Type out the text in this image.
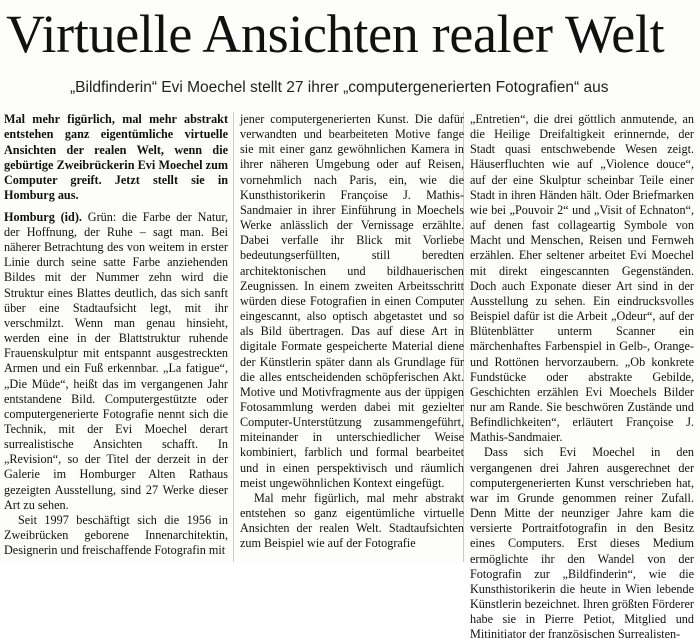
Virtuelle Ansichten realer Welt
„Bildfinderin“ Evi Moechel stellt 27 ihrer „computergenerierten Fotografien“ aus

Mal mehr figürlich, mal mehr abstrakt entstehen ganz eigentümliche virtuelle Ansichten der realen Welt, wenn die gebürtige Zweibrückerin Evi Moechel zum Computer greift. Jetzt stellt sie in Homburg aus.

Homburg (id). Grün: die Farbe der Natur, der Hoffnung, der Ruhe – sagt man. Bei näherer Betrachtung des von weitem in erster Linie durch seine satte Farbe anziehenden Bildes mit der Nummer zehn wird die Struktur eines Blattes deutlich, das sich sanft über eine Stadtaufsicht legt, mit ihr verschmilzt. Wenn man genau hinsieht, werden eine in der Blattstruktur ruhende Frauenskulptur mit entspannt ausgestreckten Armen und ein Fuß erkennbar. „La fatigue“, „Die Müde“, heißt das im vergangenen Jahr entstandene Bild. Computergestützte oder computergenerierte Fotografie nennt sich die Technik, mit der Evi Moechel derart surrealistische Ansichten schafft. In „Revision“, so der Titel der derzeit in der Galerie im Homburger Alten Rathaus gezeigten Ausstellung, sind 27 Werke dieser Art zu sehen.

Seit 1997 beschäftigt sich die 1956 in Zweibrücken geborene Innenarchitektin, Designerin und freischaffende Fotografin mit

jener computergenerierten Kunst. Die dafür verwandten und bearbeiteten Motive fange sie mit einer ganz gewöhnlichen Kamera in ihrer näheren Umgebung oder auf Reisen, vornehmlich nach Paris, ein, wie die Kunsthistorikerin Françoise J. Mathis-Sandmaier in ihrer Einführung in Moechels Werke anlässlich der Vernissage erzählte. Dabei verfalle ihr Blick mit Vorliebe bedeutungserfüllten, still beredten architektonischen und bildhauerischen Zeugnissen. In einem zweiten Arbeitsschritt würden diese Fotografien in einen Computer eingescannt, also optisch abgetastet und so als Bild übertragen. Das auf diese Art in digitale Formate gespeicherte Material diene der Künstlerin später dann als Grundlage für die alles entscheidenden schöpferischen Akt. Motive und Motivfragmente aus der üppigen Fotosammlung werden dabei mit gezielter Computer-Unterstützung zusammengeführt, miteinander in unterschiedlicher Weise kombiniert, farblich und formal bearbeitet und in einen perspektivisch und räumlich meist ungewöhnlichen Kontext eingefügt.

Mal mehr figürlich, mal mehr abstrakt entstehen so ganz eigentümliche virtuelle Ansichten der realen Welt. Stadtaufsichten zum Beispiel wie auf der Fotografie

„Entretien“, die drei göttlich anmutende, an die Heilige Dreifaltigkeit erinnernde, der Stadt quasi entschwebende Wesen zeigt. Häuserfluchten wie auf „Violence douce“, auf der eine Skulptur scheinbar Teile einer Stadt in ihren Händen hält. Oder Briefmarken wie bei „Pouvoir 2“ und „Visit of Echnaton“, auf denen fast collageartig Symbole von Macht und Menschen, Reisen und Fernweh erzählen. Eher seltener arbeitet Evi Moechel mit direkt eingescannten Gegenständen. Doch auch Exponate dieser Art sind in der Ausstellung zu sehen. Ein eindrucksvolles Beispiel dafür ist die Arbeit „Odeur“, auf der Blütenblätter unterm Scanner ein märchenhaftes Farbenspiel in Gelb-, Orange- und Rottönen hervorzaubern. „Ob konkrete Fundstücke oder abstrakte Gebilde, Geschichten erzählen Evi Moechels Bilder nur am Rande. Sie beschwören Zustände und Befindlichkeiten“, erläutert Françoise J. Mathis-Sandmaier.

Dass sich Evi Moechel in den vergangenen drei Jahren ausgerechnet der computergenerierten Kunst verschrieben hat, war im Grunde genommen reiner Zufall. Denn Mitte der neunziger Jahre kam die versierte Portraitfotografin in den Besitz eines Computers. Erst dieses Medium ermöglichte ihr den Wandel von der Fotografin zur „Bildfinderin“, wie die Kunsthistorikerin die heute in Wien lebende Künstlerin bezeichnet. Ihren größten Förderer habe sie in Pierre Petiot, Mitglied und Mitinitiator der französischen Surrealisten-
